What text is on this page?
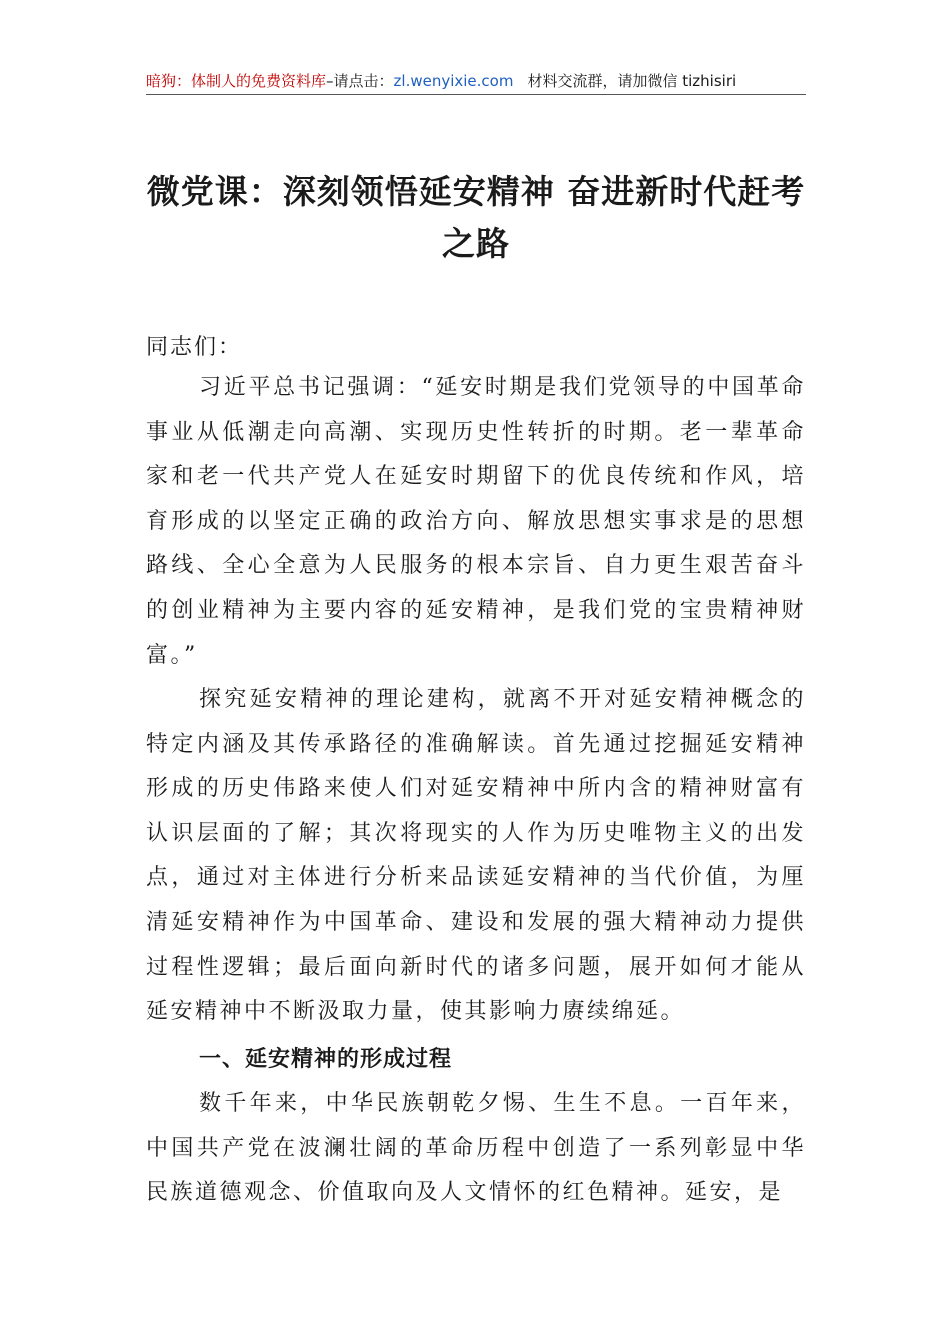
暗狗：体制人的免费资料库–请点击：zl.wenyixie.com 材料交流群，请加微信 tizhisiri
微党课：深刻领悟延安精神 奋进新时代赶考之路
同志们：
习近平总书记强调：“延安时期是我们党领导的中国革命事业从低潮走向高潮、实现历史性转折的时期。老一辈革命家和老一代共产党人在延安时期留下的优良传统和作风，培育形成的以坚定正确的政治方向、解放思想实事求是的思想路线、全心全意为人民服务的根本宗旨、自力更生艰苦奋斗的创业精神为主要内容的延安精神，是我们党的宝贵精神财富。”
探究延安精神的理论建构，就离不开对延安精神概念的特定内涵及其传承路径的准确解读。首先通过挖掘延安精神形成的历史伟路来使人们对延安精神中所内含的精神财富有认识层面的了解；其次将现实的人作为历史唯物主义的出发点，通过对主体进行分析来品读延安精神的当代价值，为厘清延安精神作为中国革命、建设和发展的强大精神动力提供过程性逻辑；最后面向新时代的诸多问题，展开如何才能从延安精神中不断汲取力量，使其影响力赓续绵延。
一、延安精神的形成过程
数千年来，中华民族朝乾夕惕、生生不息。一百年来，中国共产党在波澜壮阔的革命历程中创造了一系列彰显中华民族道德观念、价值取向及人文情怀的红色精神。延安，是
